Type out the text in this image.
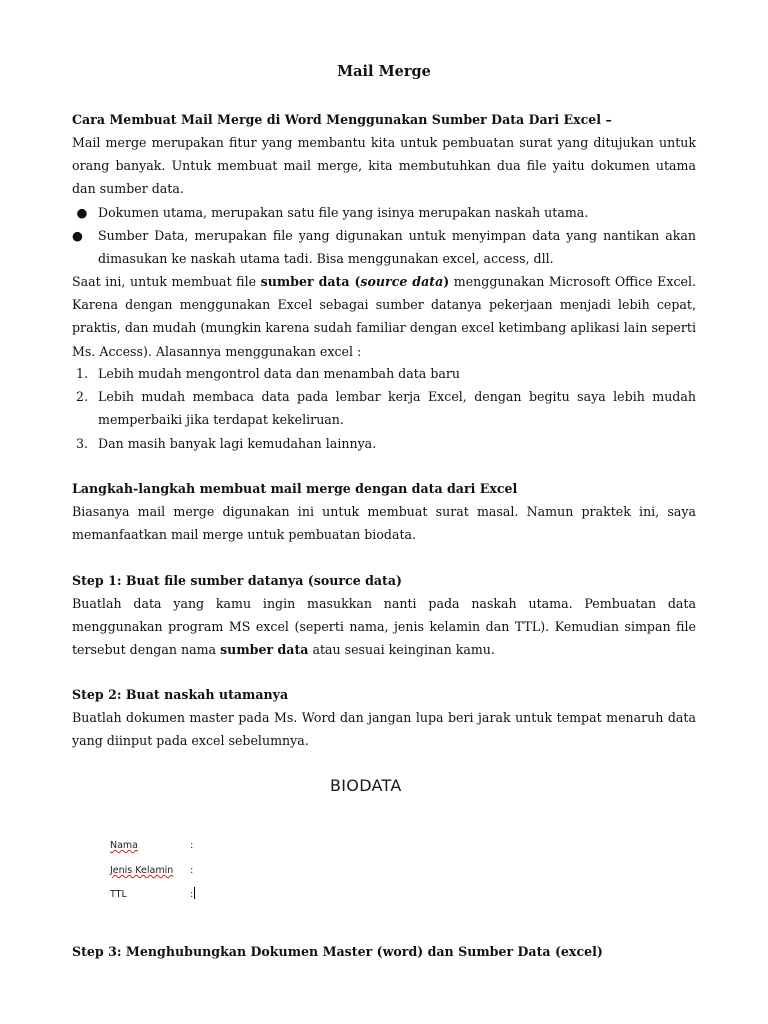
Mail Merge
Cara Membuat Mail Merge di Word Menggunakan Sumber Data Dari Excel –
Mail merge merupakan fitur yang membantu kita untuk pembuatan surat yang ditujukan untuk orang banyak. Untuk membuat mail merge, kita membutuhkan dua file yaitu dokumen utama dan sumber data.
● Dokumen utama, merupakan satu file yang isinya merupakan naskah utama.
●	Sumber Data, merupakan file yang digunakan untuk menyimpan data yang nantikan akan dimasukan ke naskah utama tadi. Bisa menggunakan excel, access, dll.
Saat ini, untuk membuat file sumber data (source data) menggunakan Microsoft Office Excel. Karena dengan menggunakan Excel sebagai sumber datanya pekerjaan menjadi lebih cepat, praktis, dan mudah (mungkin karena sudah familiar dengan excel ketimbang aplikasi lain seperti Ms. Access). Alasannya menggunakan excel :
1. Lebih mudah mengontrol data dan menambah data baru
2. Lebih mudah membaca data pada lembar kerja Excel, dengan begitu saya lebih mudah memperbaiki jika terdapat kekeliruan.
3. Dan masih banyak lagi kemudahan lainnya.
Langkah-langkah membuat mail merge dengan data dari Excel
Biasanya mail merge digunakan ini untuk membuat surat masal. Namun praktek ini, saya memanfaatkan mail merge untuk pembuatan biodata.
Step 1: Buat file sumber datanya (source data)
Buatlah data yang kamu ingin masukkan nanti pada naskah utama. Pembuatan data menggunakan program MS excel (seperti nama, jenis kelamin dan TTL). Kemudian simpan file tersebut dengan nama sumber data atau sesuai keinginan kamu.
Step 2: Buat naskah utamanya
Buatlah dokumen master pada Ms. Word dan jangan lupa beri jarak untuk tempat menaruh data yang diinput pada excel sebelumnya.
BIODATA
Nama	:
Jenis Kelamin :
TTL	:
Step 3: Menghubungkan Dokumen Master (word) dan Sumber Data (excel)
